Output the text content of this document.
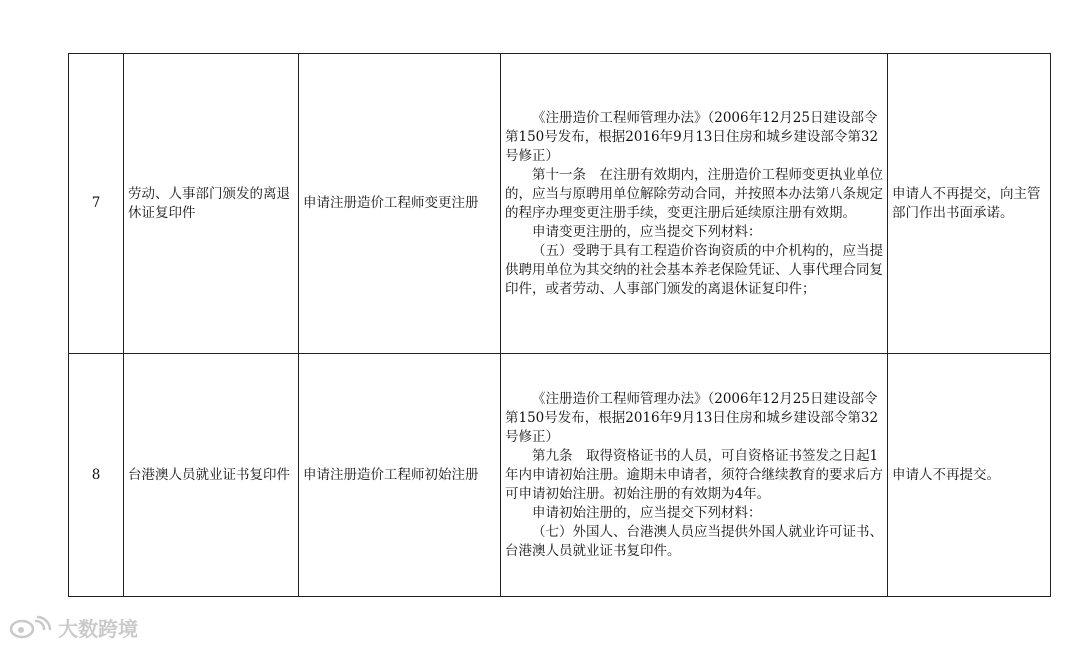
7	劳动、人事部门颁发的离退休证复印件	申请注册造价工程师变更注册	《注册造价工程师管理办法》（2006年12月25日建设部令第150号发布，根据2016年9月13日住房和城乡建设部令第32号修正）

第十一条　在注册有效期内，注册造价工程师变更执业单位的，应当与原聘用单位解除劳动合同，并按照本办法第八条规定的程序办理变更注册手续，变更注册后延续原注册有效期。

申请变更注册的，应当提交下列材料：

（五）受聘于具有工程造价咨询资质的中介机构的，应当提供聘用单位为其交纳的社会基本养老保险凭证、人事代理合同复印件，或者劳动、人事部门颁发的离退休证复印件；	申请人不再提交，向主管部门作出书面承诺。
8	台港澳人员就业证书复印件	申请注册造价工程师初始注册	《注册造价工程师管理办法》（2006年12月25日建设部令第150号发布，根据2016年9月13日住房和城乡建设部令第32号修正）

第九条　取得资格证书的人员，可自资格证书签发之日起1年内申请初始注册。逾期未申请者，须符合继续教育的要求后方可申请初始注册。初始注册的有效期为4年。

申请初始注册的，应当提交下列材料：

（七）外国人、台港澳人员应当提供外国人就业许可证书、台港澳人员就业证书复印件。	申请人不再提交。
大数跨境
